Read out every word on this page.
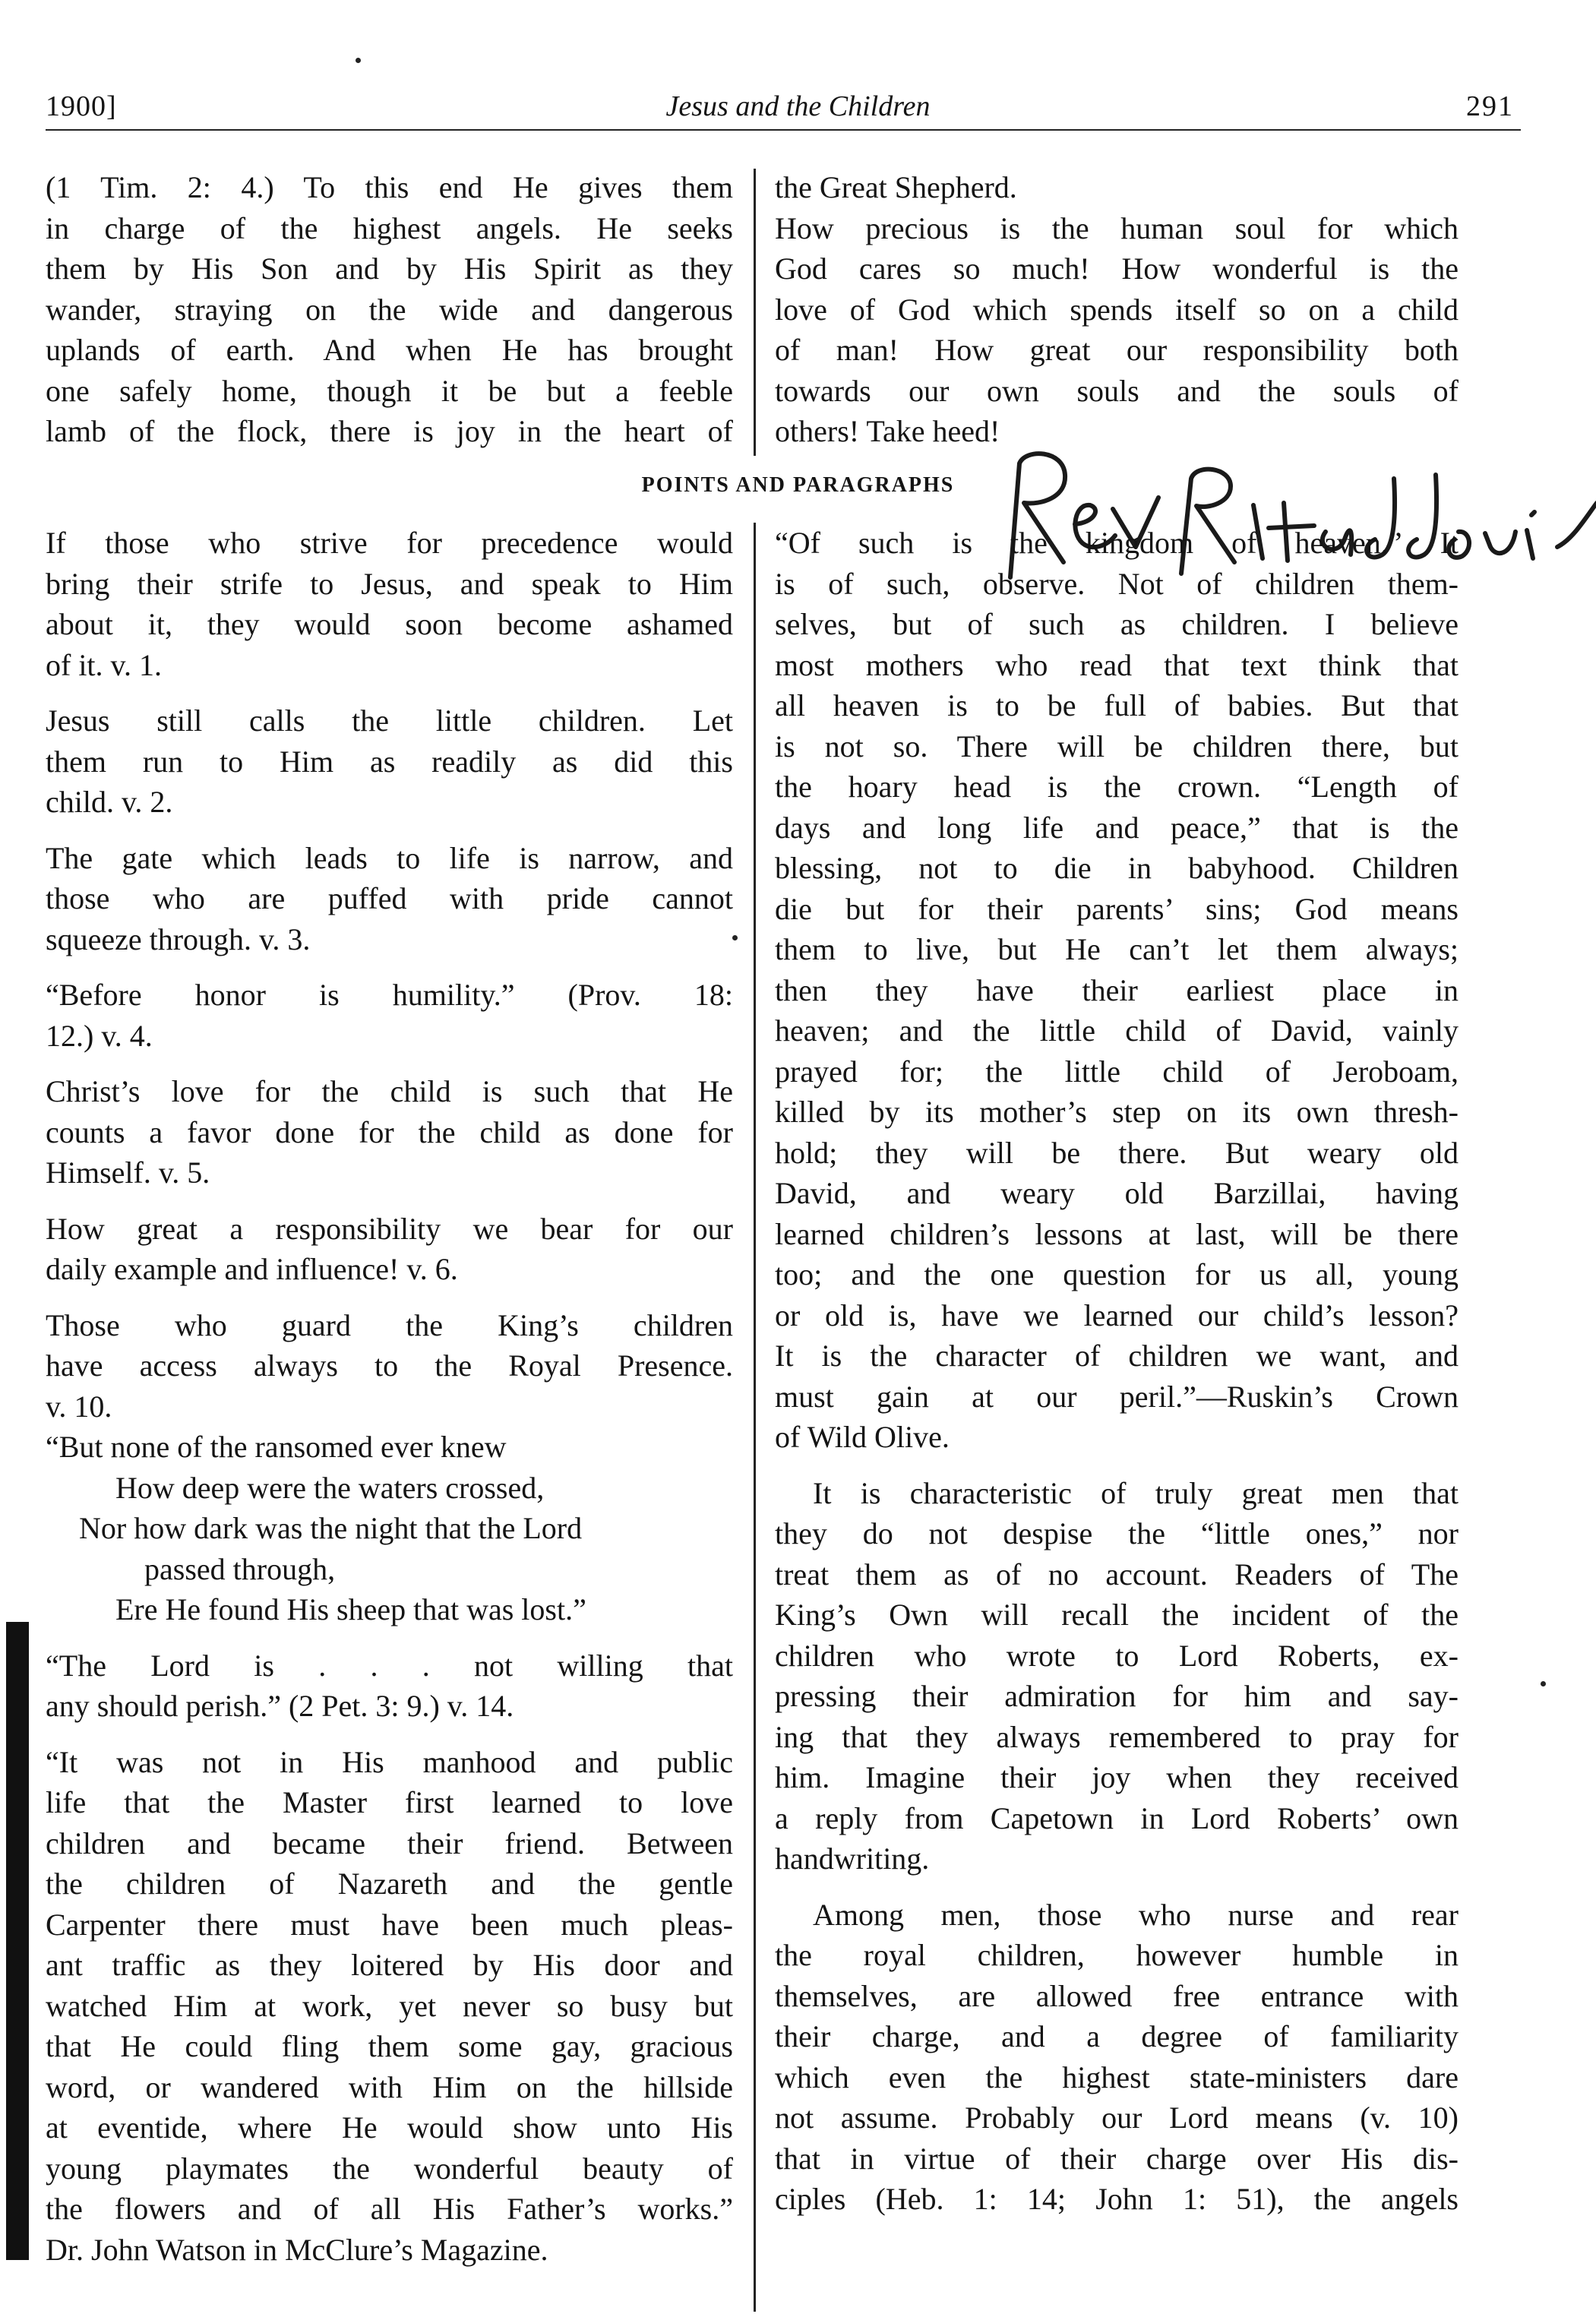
Jesus and the Children
1900]	291

(1 Tim. 2: 4.) To this end He gives them

in charge of the highest angels. He seeks

them by His Son and by His Spirit as they

wander, straying on the wide and dangerous

uplands of earth. And when He has brought

one safely home, though it be but a feeble

lamb of the flock, there is joy in the heart of

the Great Shepherd.

How precious is the human soul for which

God cares so much! How wonderful is the

love of God which spends itself so on a child

of man! How great our responsibility both

towards our own souls and the souls of

others! Take heed!

POINTS AND PARAGRAPHS

If those who strive for precedence would

bring their strife to Jesus, and speak to Him

about it, they would soon become ashamed

of it. v. 1.

Jesus still calls the little children. Let

them run to Him as readily as did this

child. v. 2.

The gate which leads to life is narrow, and

those who are puffed with pride cannot

squeeze through. v. 3.

“Before honor is humility.” (Prov. 18:

12.) v. 4.

Christ’s love for the child is such that He

counts a favor done for the child as done for

Himself. v. 5.

How great a responsibility we bear for our

daily example and influence! v. 6.

Those who guard the King’s children

have access always to the Royal Presence.

v. 10.

“But none of the ransomed ever knew

How deep were the waters crossed,

Nor how dark was the night that the Lord

passed through,

Ere He found His sheep that was lost.”

“The Lord is . . . not willing that

any should perish.” (2 Pet. 3: 9.) v. 14.

“It was not in His manhood and public

life that the Master first learned to love

children and became their friend. Between

the children of Nazareth and the gentle

Carpenter there must have been much pleas-

ant traffic as they loitered by His door and

watched Him at work, yet never so busy but

that He could fling them some gay, gracious

word, or wandered with Him on the hillside

at eventide, where He would show unto His

young playmates the wonderful beauty of

the flowers and of all His Father’s works.”

Dr. John Watson in McClure’s Magazine.

“Of such is the kingdom of heaven.” It

is of such, observe. Not of children them-

selves, but of such as children. I believe

most mothers who read that text think that

all heaven is to be full of babies. But that

is not so. There will be children there, but

the hoary head is the crown. “Length of

days and long life and peace,” that is the

blessing, not to die in babyhood. Children

die but for their parents’ sins; God means

them to live, but He can’t let them always;

then they have their earliest place in

heaven; and the little child of David, vainly

prayed for; the little child of Jeroboam,

killed by its mother’s step on its own thresh-

hold; they will be there. But weary old

David, and weary old Barzillai, having

learned children’s lessons at last, will be there

too; and the one question for us all, young

or old is, have we learned our child’s lesson?

It is the character of children we want, and

must gain at our peril.”—Ruskin’s Crown

of Wild Olive.

It is characteristic of truly great men that

they do not despise the “little ones,” nor

treat them as of no account. Readers of The

King’s Own will recall the incident of the

children who wrote to Lord Roberts, ex-

pressing their admiration for him and say-

ing that they always remembered to pray for

him. Imagine their joy when they received

a reply from Capetown in Lord Roberts’ own

handwriting.

Among men, those who nurse and rear

the royal children, however humble in

themselves, are allowed free entrance with

their charge, and a degree of familiarity

which even the highest state-ministers dare

not assume. Probably our Lord means (v. 10)

that in virtue of their charge over His dis-

ciples (Heb. 1: 14; John 1: 51), the angels
